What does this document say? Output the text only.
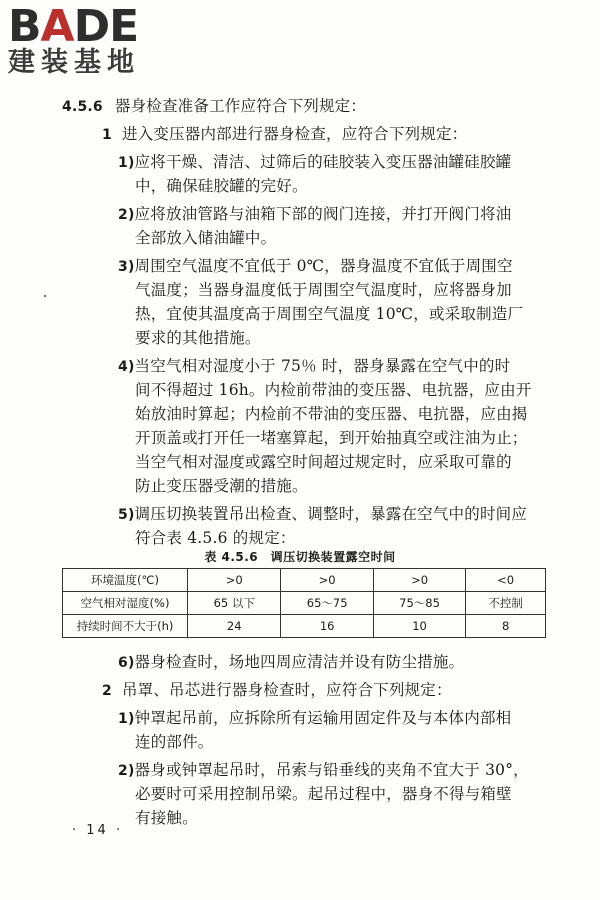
BADE
建装基地
4.5.6 器身检查准备工作应符合下列规定：
1 进入变压器内部进行器身检查，应符合下列规定：
1)应将干燥、清洁、过筛后的硅胶装入变压器油罐硅胶罐
中，确保硅胶罐的完好。
2)应将放油管路与油箱下部的阀门连接，并打开阀门将油
全部放入储油罐中。
3)周围空气温度不宜低于 0℃，器身温度不宜低于周围空
气温度；当器身温度低于周围空气温度时，应将器身加
热，宜使其温度高于周围空气温度 10℃，或采取制造厂
要求的其他措施。
4)当空气相对湿度小于 75％ 时，器身暴露在空气中的时
间不得超过 16h。内检前带油的变压器、电抗器，应由开
始放油时算起；内检前不带油的变压器、电抗器，应由揭
开顶盖或打开任一堵塞算起，到开始抽真空或注油为止；
当空气相对湿度或露空时间超过规定时，应采取可靠的
防止变压器受潮的措施。
5)调压切换装置吊出检查、调整时，暴露在空气中的时间应
符合表 4.5.6 的规定：
表 4.5.6　调压切换装置露空时间
环境温度(℃)	>0	>0	>0	<0
空气相对湿度(%)	65 以下	65～75	75～85	不控制
持续时间不大于(h)	24	16	10	8
6)器身检查时，场地四周应清洁并设有防尘措施。
2 吊罩、吊芯进行器身检查时，应符合下列规定：
1)钟罩起吊前，应拆除所有运输用固定件及与本体内部相
连的部件。
2)器身或钟罩起吊时，吊索与铅垂线的夹角不宜大于 30°，
必要时可采用控制吊梁。起吊过程中，器身不得与箱壁
有接触。
· 14 ·
